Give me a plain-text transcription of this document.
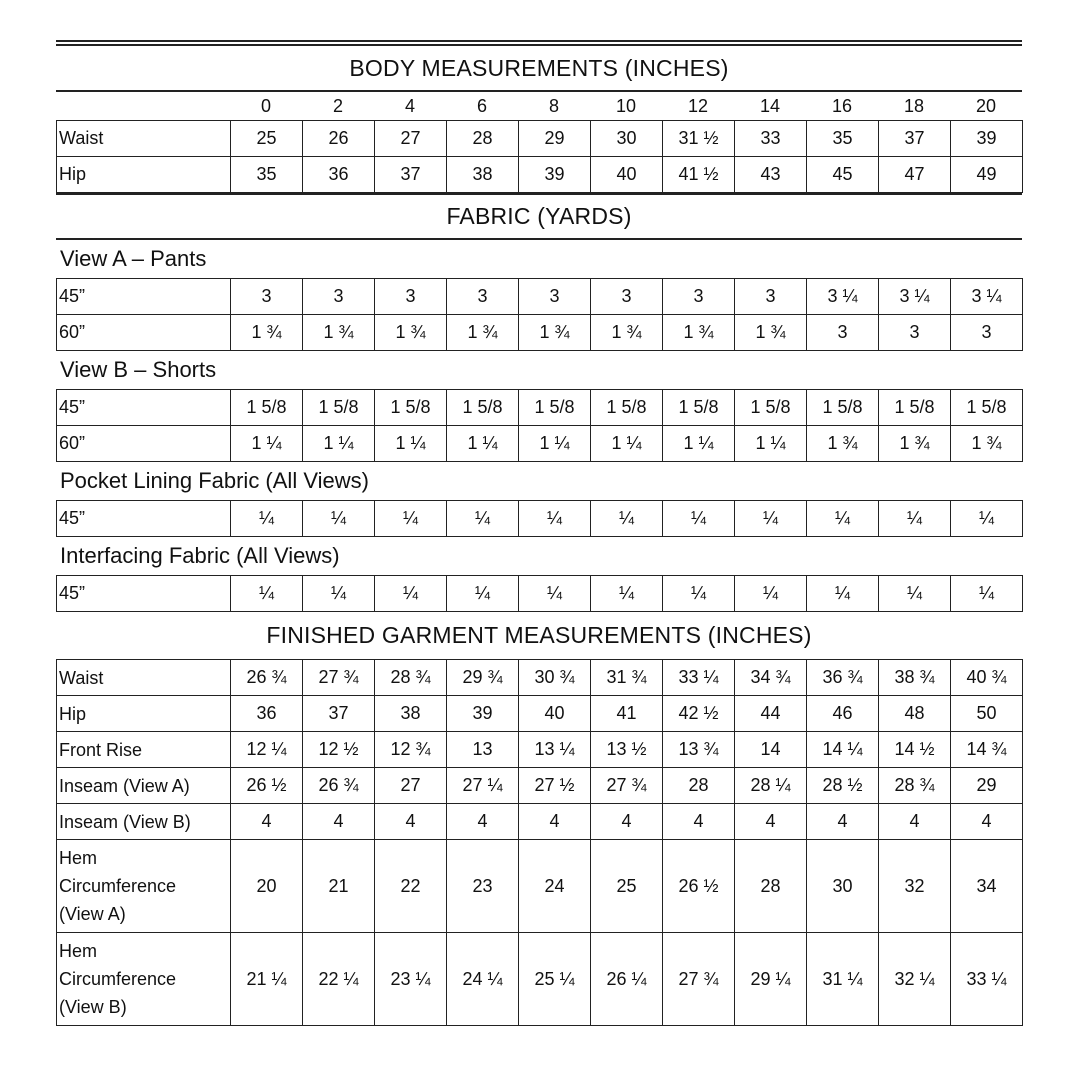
BODY MEASUREMENTS (INCHES)
	0	2	4	6	8	10	12	14	16	18	20
Waist	25	26	27	28	29	30	31 ½	33	35	37	39
Hip	35	36	37	38	39	40	41 ½	43	45	47	49
FABRIC (YARDS)
View A – Pants
45”	3	3	3	3	3	3	3	3	3 ¼	3 ¼	3 ¼
60”	1 ¾	1 ¾	1 ¾	1 ¾	1 ¾	1 ¾	1 ¾	1 ¾	3	3	3
View B – Shorts
45”	1 5/8	1 5/8	1 5/8	1 5/8	1 5/8	1 5/8	1 5/8	1 5/8	1 5/8	1 5/8	1 5/8
60”	1 ¼	1 ¼	1 ¼	1 ¼	1 ¼	1 ¼	1 ¼	1 ¼	1 ¾	1 ¾	1 ¾
Pocket Lining Fabric (All Views)
45”	¼	¼	¼	¼	¼	¼	¼	¼	¼	¼	¼
Interfacing Fabric (All Views)
45”	¼	¼	¼	¼	¼	¼	¼	¼	¼	¼	¼
FINISHED GARMENT MEASUREMENTS (INCHES)
Waist	26 ¾	27 ¾	28 ¾	29 ¾	30 ¾	31 ¾	33 ¼	34 ¾	36 ¾	38 ¾	40 ¾

Hip	36	37	38	39	40	41	42 ½	44	46	48	50

Front Rise	12 ¼	12 ½	12 ¾	13	13 ¼	13 ½	13 ¾	14	14 ¼	14 ½	14 ¾

Inseam (View A)	26 ½	26 ¾	27	27 ¼	27 ½	27 ¾	28	28 ¼	28 ½	28 ¾	29

Inseam (View B)	4	4	4	4	4	4	4	4	4	4	4

Hem
Circumference
(View A)	20	21	22	23	24	25	26 ½	28	30	32	34

Hem
Circumference
(View B)	21 ¼	22 ¼	23 ¼	24 ¼	25 ¼	26 ¼	27 ¾	29 ¼	31 ¼	32 ¼	33 ¼
